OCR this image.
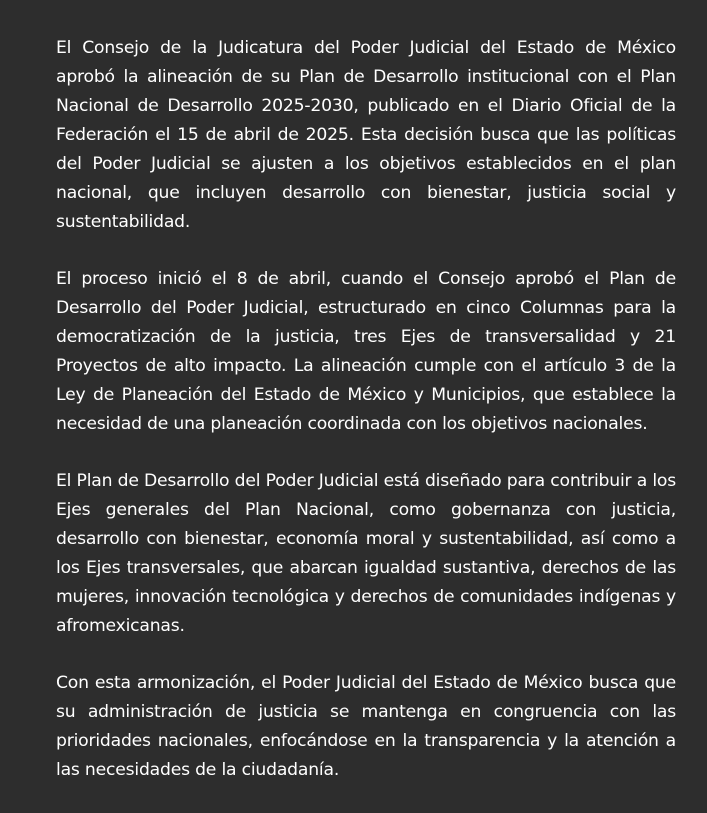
El Consejo de la Judicatura del Poder Judicial del Estado de México aprobó la alineación de su Plan de Desarrollo institucional con el Plan Nacional de Desarrollo 2025-2030, publicado en el Diario Oficial de la Federación el 15 de abril de 2025. Esta decisión busca que las políticas del Poder Judicial se ajusten a los objetivos establecidos en el plan nacional, que incluyen desarrollo con bienestar, justicia social y sustentabilidad.

El proceso inició el 8 de abril, cuando el Consejo aprobó el Plan de Desarrollo del Poder Judicial, estructurado en cinco Columnas para la democratización de la justicia, tres Ejes de transversalidad y 21 Proyectos de alto impacto. La alineación cumple con el artículo 3 de la Ley de Planeación del Estado de México y Municipios, que establece la necesidad de una planeación coordinada con los objetivos nacionales.

El Plan de Desarrollo del Poder Judicial está diseñado para contribuir a los Ejes generales del Plan Nacional, como gobernanza con justicia, desarrollo con bienestar, economía moral y sustentabilidad, así como a los Ejes transversales, que abarcan igualdad sustantiva, derechos de las mujeres, innovación tecnológica y derechos de comunidades indígenas y afromexicanas.

Con esta armonización, el Poder Judicial del Estado de México busca que su administración de justicia se mantenga en congruencia con las prioridades nacionales, enfocándose en la transparencia y la atención a las necesidades de la ciudadanía.
